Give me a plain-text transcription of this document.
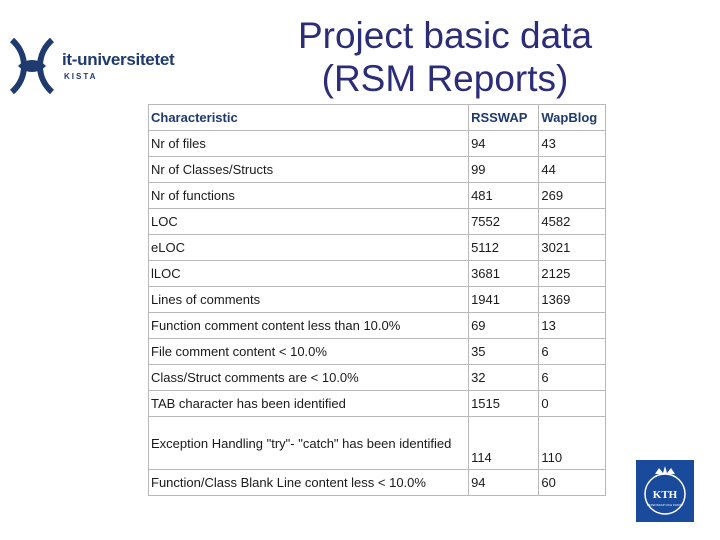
it-universitetet
KISTA
Project basic data
(RSM Reports)
Characteristic	RSSWAP	WapBlog
Nr of files	94	43
Nr of Classes/Structs	99	44
Nr of functions	481	269
LOC	7552	4582
eLOC	5112	3021
lLOC	3681	2125
Lines of comments	1941	1369
Function comment content less than 10.0%	69	13
File comment content < 10.0%	35	6
Class/Struct comments are < 10.0%	32	6
TAB character has been identified	1515	0
Exception Handling "try"- "catch" has been identified	114	110
Function/Class Blank Line content less < 10.0%	94	60
KTH
VETENSKAP OCH KONST
